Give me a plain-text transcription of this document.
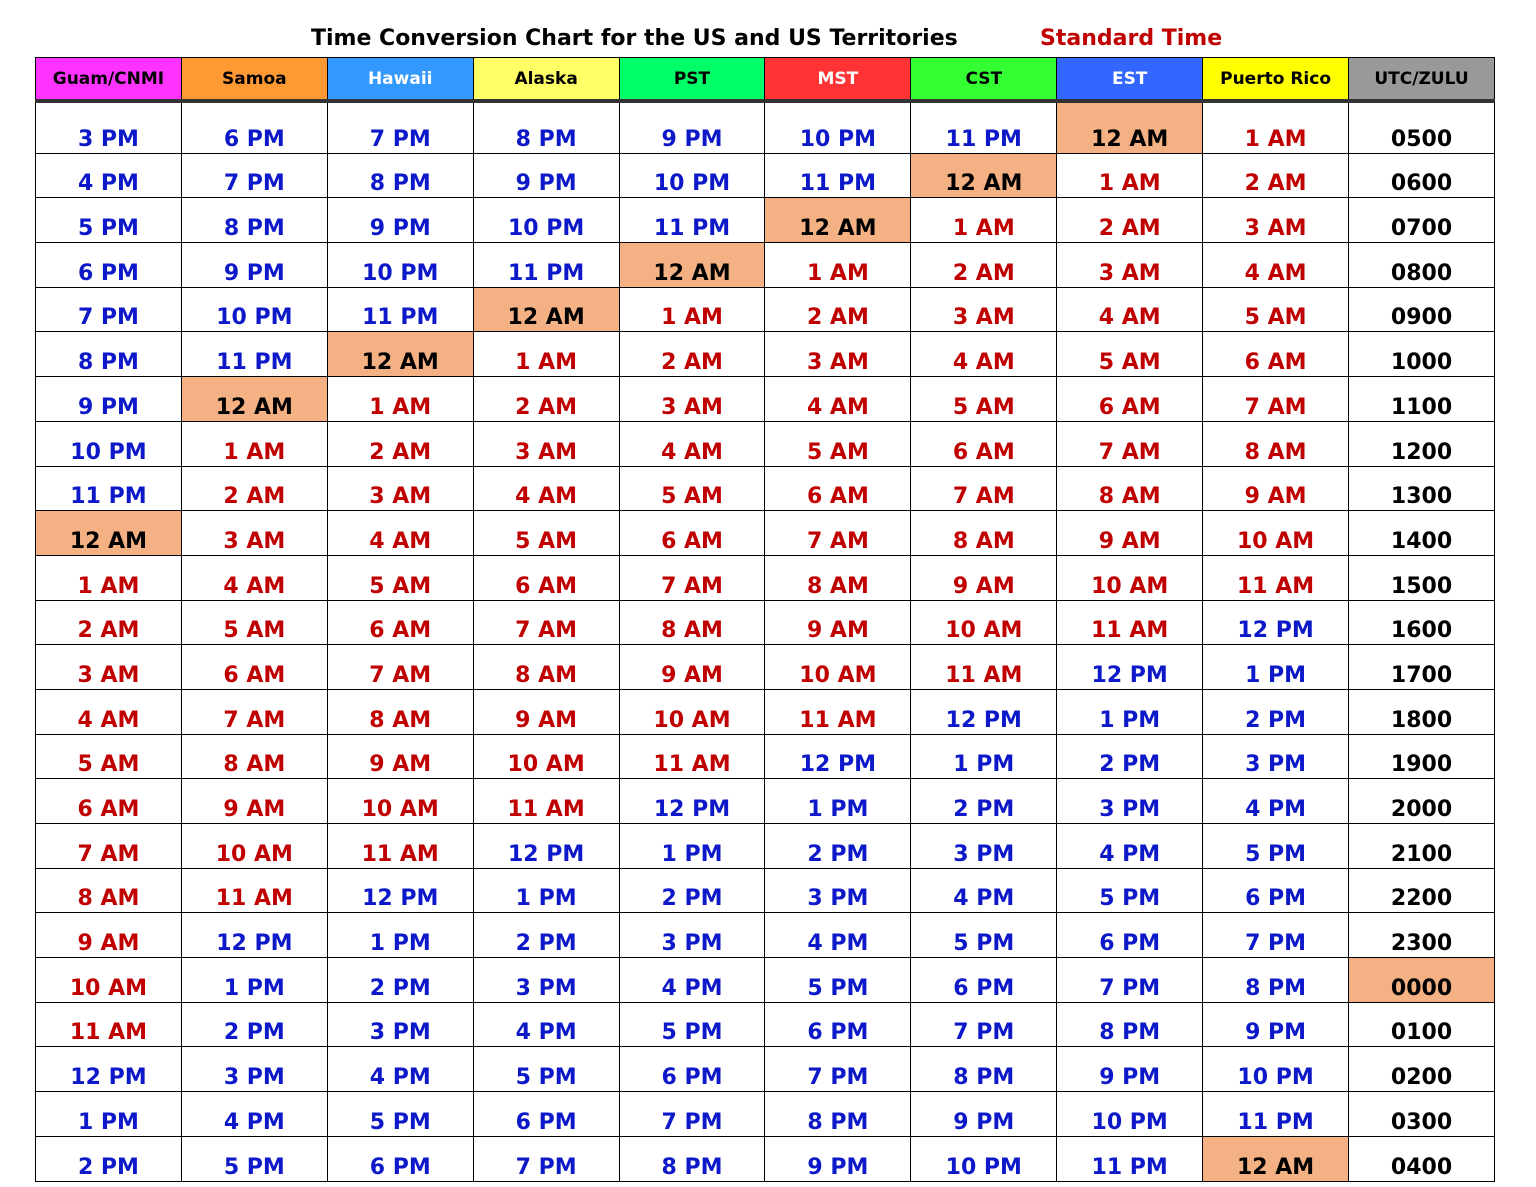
Time Conversion Chart for the US and US Territories	Standard Time
Guam/CNMI	Samoa	Hawaii	Alaska	PST	MST	CST	EST	Puerto Rico	UTC/ZULU
3 PM	6 PM	7 PM	8 PM	9 PM	10 PM	11 PM	12 AM	1 AM	0500
4 PM	7 PM	8 PM	9 PM	10 PM	11 PM	12 AM	1 AM	2 AM	0600
5 PM	8 PM	9 PM	10 PM	11 PM	12 AM	1 AM	2 AM	3 AM	0700
6 PM	9 PM	10 PM	11 PM	12 AM	1 AM	2 AM	3 AM	4 AM	0800
7 PM	10 PM	11 PM	12 AM	1 AM	2 AM	3 AM	4 AM	5 AM	0900
8 PM	11 PM	12 AM	1 AM	2 AM	3 AM	4 AM	5 AM	6 AM	1000
9 PM	12 AM	1 AM	2 AM	3 AM	4 AM	5 AM	6 AM	7 AM	1100
10 PM	1 AM	2 AM	3 AM	4 AM	5 AM	6 AM	7 AM	8 AM	1200
11 PM	2 AM	3 AM	4 AM	5 AM	6 AM	7 AM	8 AM	9 AM	1300
12 AM	3 AM	4 AM	5 AM	6 AM	7 AM	8 AM	9 AM	10 AM	1400
1 AM	4 AM	5 AM	6 AM	7 AM	8 AM	9 AM	10 AM	11 AM	1500
2 AM	5 AM	6 AM	7 AM	8 AM	9 AM	10 AM	11 AM	12 PM	1600
3 AM	6 AM	7 AM	8 AM	9 AM	10 AM	11 AM	12 PM	1 PM	1700
4 AM	7 AM	8 AM	9 AM	10 AM	11 AM	12 PM	1 PM	2 PM	1800
5 AM	8 AM	9 AM	10 AM	11 AM	12 PM	1 PM	2 PM	3 PM	1900
6 AM	9 AM	10 AM	11 AM	12 PM	1 PM	2 PM	3 PM	4 PM	2000
7 AM	10 AM	11 AM	12 PM	1 PM	2 PM	3 PM	4 PM	5 PM	2100
8 AM	11 AM	12 PM	1 PM	2 PM	3 PM	4 PM	5 PM	6 PM	2200
9 AM	12 PM	1 PM	2 PM	3 PM	4 PM	5 PM	6 PM	7 PM	2300
10 AM	1 PM	2 PM	3 PM	4 PM	5 PM	6 PM	7 PM	8 PM	0000
11 AM	2 PM	3 PM	4 PM	5 PM	6 PM	7 PM	8 PM	9 PM	0100
12 PM	3 PM	4 PM	5 PM	6 PM	7 PM	8 PM	9 PM	10 PM	0200
1 PM	4 PM	5 PM	6 PM	7 PM	8 PM	9 PM	10 PM	11 PM	0300
2 PM	5 PM	6 PM	7 PM	8 PM	9 PM	10 PM	11 PM	12 AM	0400
